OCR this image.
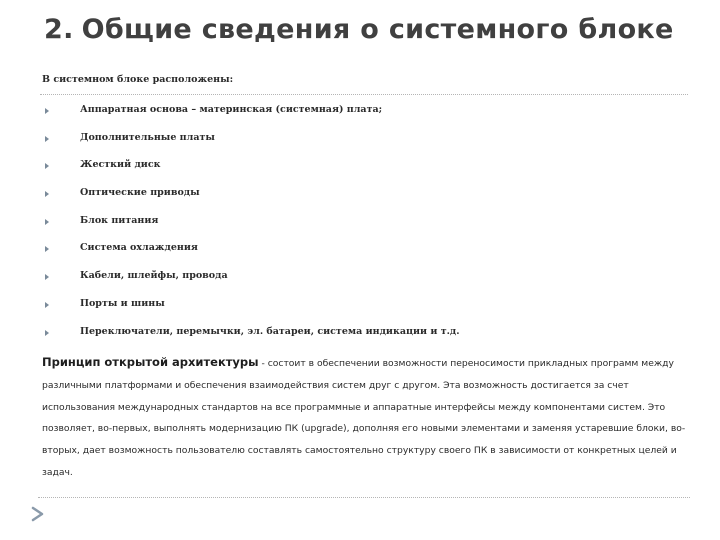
2. Общие сведения о системного блоке
В системном блоке расположены:
Аппаратная основа – материнская (системная) плата;
Дополнительные платы
Жесткий диск
Оптические приводы
Блок питания
Система охлаждения
Кабели, шлейфы, провода
Порты и шины
Переключатели, перемычки, эл. батареи, система индикации и т.д.

Принцип открытой архитектуры - состоит в обеспечении возможности переносимости прикладных программ между различными платформами и обеспечения взаимодействия систем друг с другом. Эта возможность достигается за счет использования международных стандартов на все программные и аппаратные интерфейсы между компонентами систем. Это позволяет, во-первых, выполнять модернизацию ПК (upgrade), дополняя его новыми элементами и заменяя устаревшие блоки, во-вторых, дает возможность пользователю составлять самостоятельно структуру своего ПК в зависимости от конкретных целей и задач.
